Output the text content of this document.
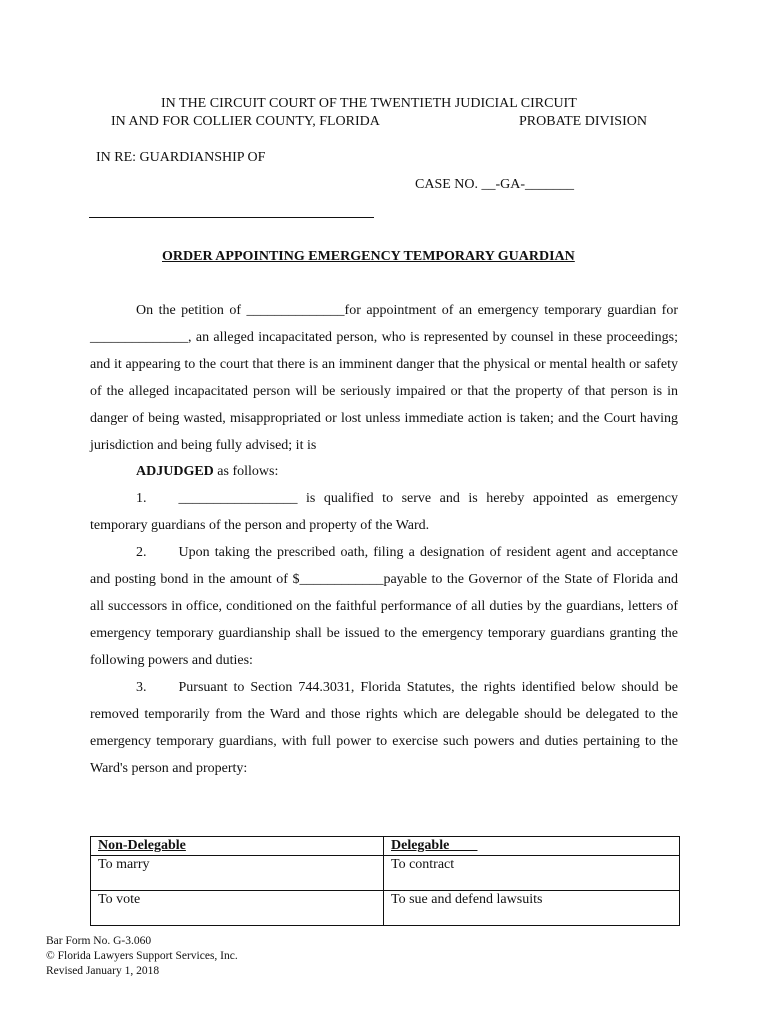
IN THE CIRCUIT COURT OF THE TWENTIETH JUDICIAL CIRCUIT
IN AND FOR COLLIER COUNTY, FLORIDA	PROBATE DIVISION
IN RE: GUARDIANSHIP OF
CASE NO. __-GA-_______
ORDER APPOINTING EMERGENCY TEMPORARY GUARDIAN
On the petition of ______________for appointment of an emergency temporary guardian for ______________, an alleged incapacitated person, who is represented by counsel in these proceedings; and it appearing to the court that there is an imminent danger that the physical or mental health or safety of the alleged incapacitated person will be seriously impaired or that the property of that person is in danger of being wasted, misappropriated or lost unless immediate action is taken; and the Court having jurisdiction and being fully advised; it is
ADJUDGED as follows:
1. _________________ is qualified to serve and is hereby appointed as emergency temporary guardians of the person and property of the Ward.
2. Upon taking the prescribed oath, filing a designation of resident agent and acceptance and posting bond in the amount of $____________payable to the Governor of the State of Florida and all successors in office, conditioned on the faithful performance of all duties by the guardians, letters of emergency temporary guardianship shall be issued to the emergency temporary guardians granting the following powers and duties:
3. Pursuant to Section 744.3031, Florida Statutes, the rights identified below should be removed temporarily from the Ward and those rights which are delegable should be delegated to the emergency temporary guardians, with full power to exercise such powers and duties pertaining to the Ward's person and property:
Non-Delegable	Delegable____
To marry	To contract
To vote	To sue and defend lawsuits
Bar Form No. G-3.060
© Florida Lawyers Support Services, Inc.
Revised January 1, 2018
